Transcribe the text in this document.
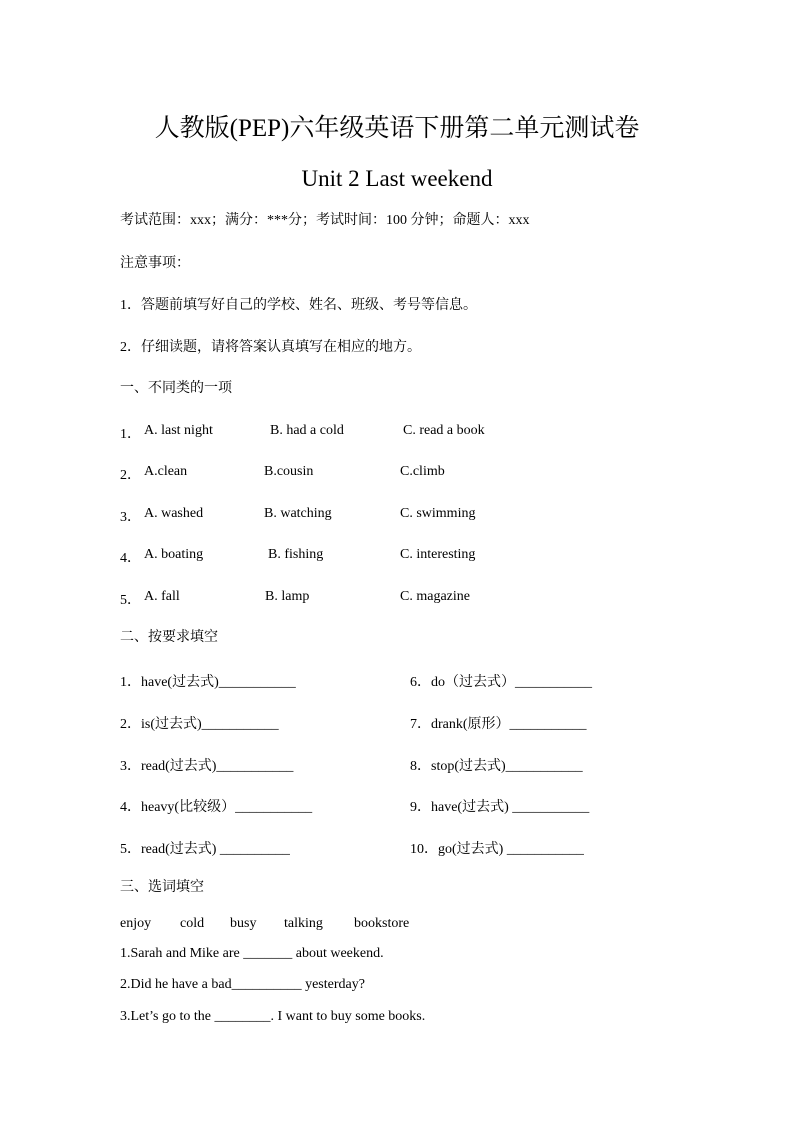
人教版(PEP)六年级英语下册第二单元测试卷
Unit 2 Last weekend
考试范围：xxx；满分：***分；考试时间：100 分钟；命题人：xxx
注意事项：
1．答题前填写好自己的学校、姓名、班级、考号等信息。
2．仔细读题，请将答案认真填写在相应的地方。
一、不同类的一项
1． A. last night	B. had a cold	C. read a book
2． A.clean	B.cousin	C.climb
3． A. washed	B. watching	C. swimming
4． A. boating	B. fishing	C. interesting
5． A. fall	B. lamp	C. magazine
二、按要求填空
1．have(过去式)___________
2．is(过去式)___________
3．read(过去式)___________
4．heavy(比较级）___________
5．read(过去式) __________
6．do（过去式）___________
7．drank(原形）___________
8．stop(过去式)___________
9．have(过去式) ___________
10．go(过去式) ___________
三、选词填空
enjoy cold busy talking bookstore
1.Sarah and Mike are _______ about weekend.
2.Did he have a bad__________ yesterday?
3.Let’s go to the ________. I want to buy some books.
